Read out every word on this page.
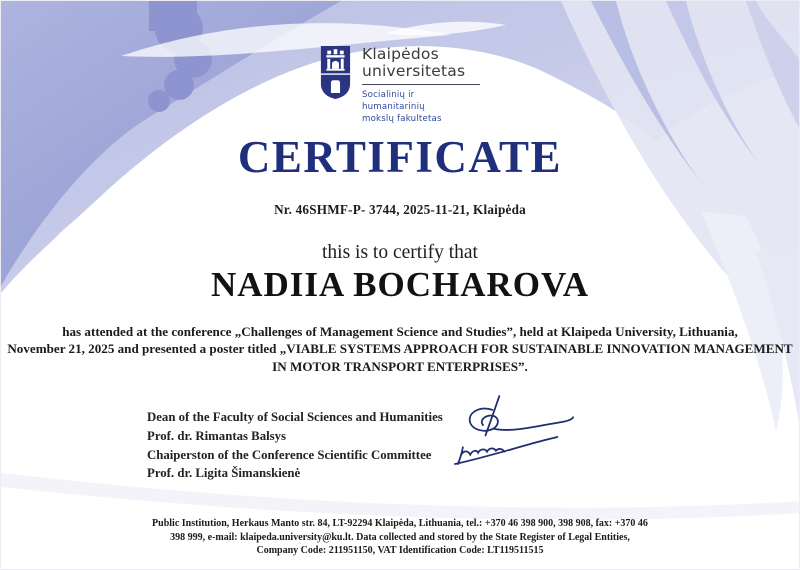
Klaipėdos
universitetas
Socialinių ir humanitarinių
mokslų fakultetas
CERTIFICATE
Nr. 46SHMF-P- 3744, 2025-11-21, Klaipėda
this is to certify that
NADIIA BOCHAROVA
has attended at the conference „Challenges of Management Science and Studies”, held at Klaipeda University, Lithuania,
November 21, 2025 and presented a poster titled „VIABLE SYSTEMS APPROACH FOR SUSTAINABLE INNOVATION MANAGEMENT
IN MOTOR TRANSPORT ENTERPRISES”.
Dean of the Faculty of Social Sciences and Humanities
Prof. dr. Rimantas Balsys
Chaiperston of the Conference Scientific Committee
Prof. dr. Ligita Šimanskienė
Public Institution, Herkaus Manto str. 84, LT-92294 Klaipėda, Lithuania, tel.: +370 46 398 900, 398 908, fax: +370 46
398 999, e-mail: klaipeda.university@ku.lt. Data collected and stored by the State Register of Legal Entities,
Company Code: 211951150, VAT Identification Code: LT119511515
